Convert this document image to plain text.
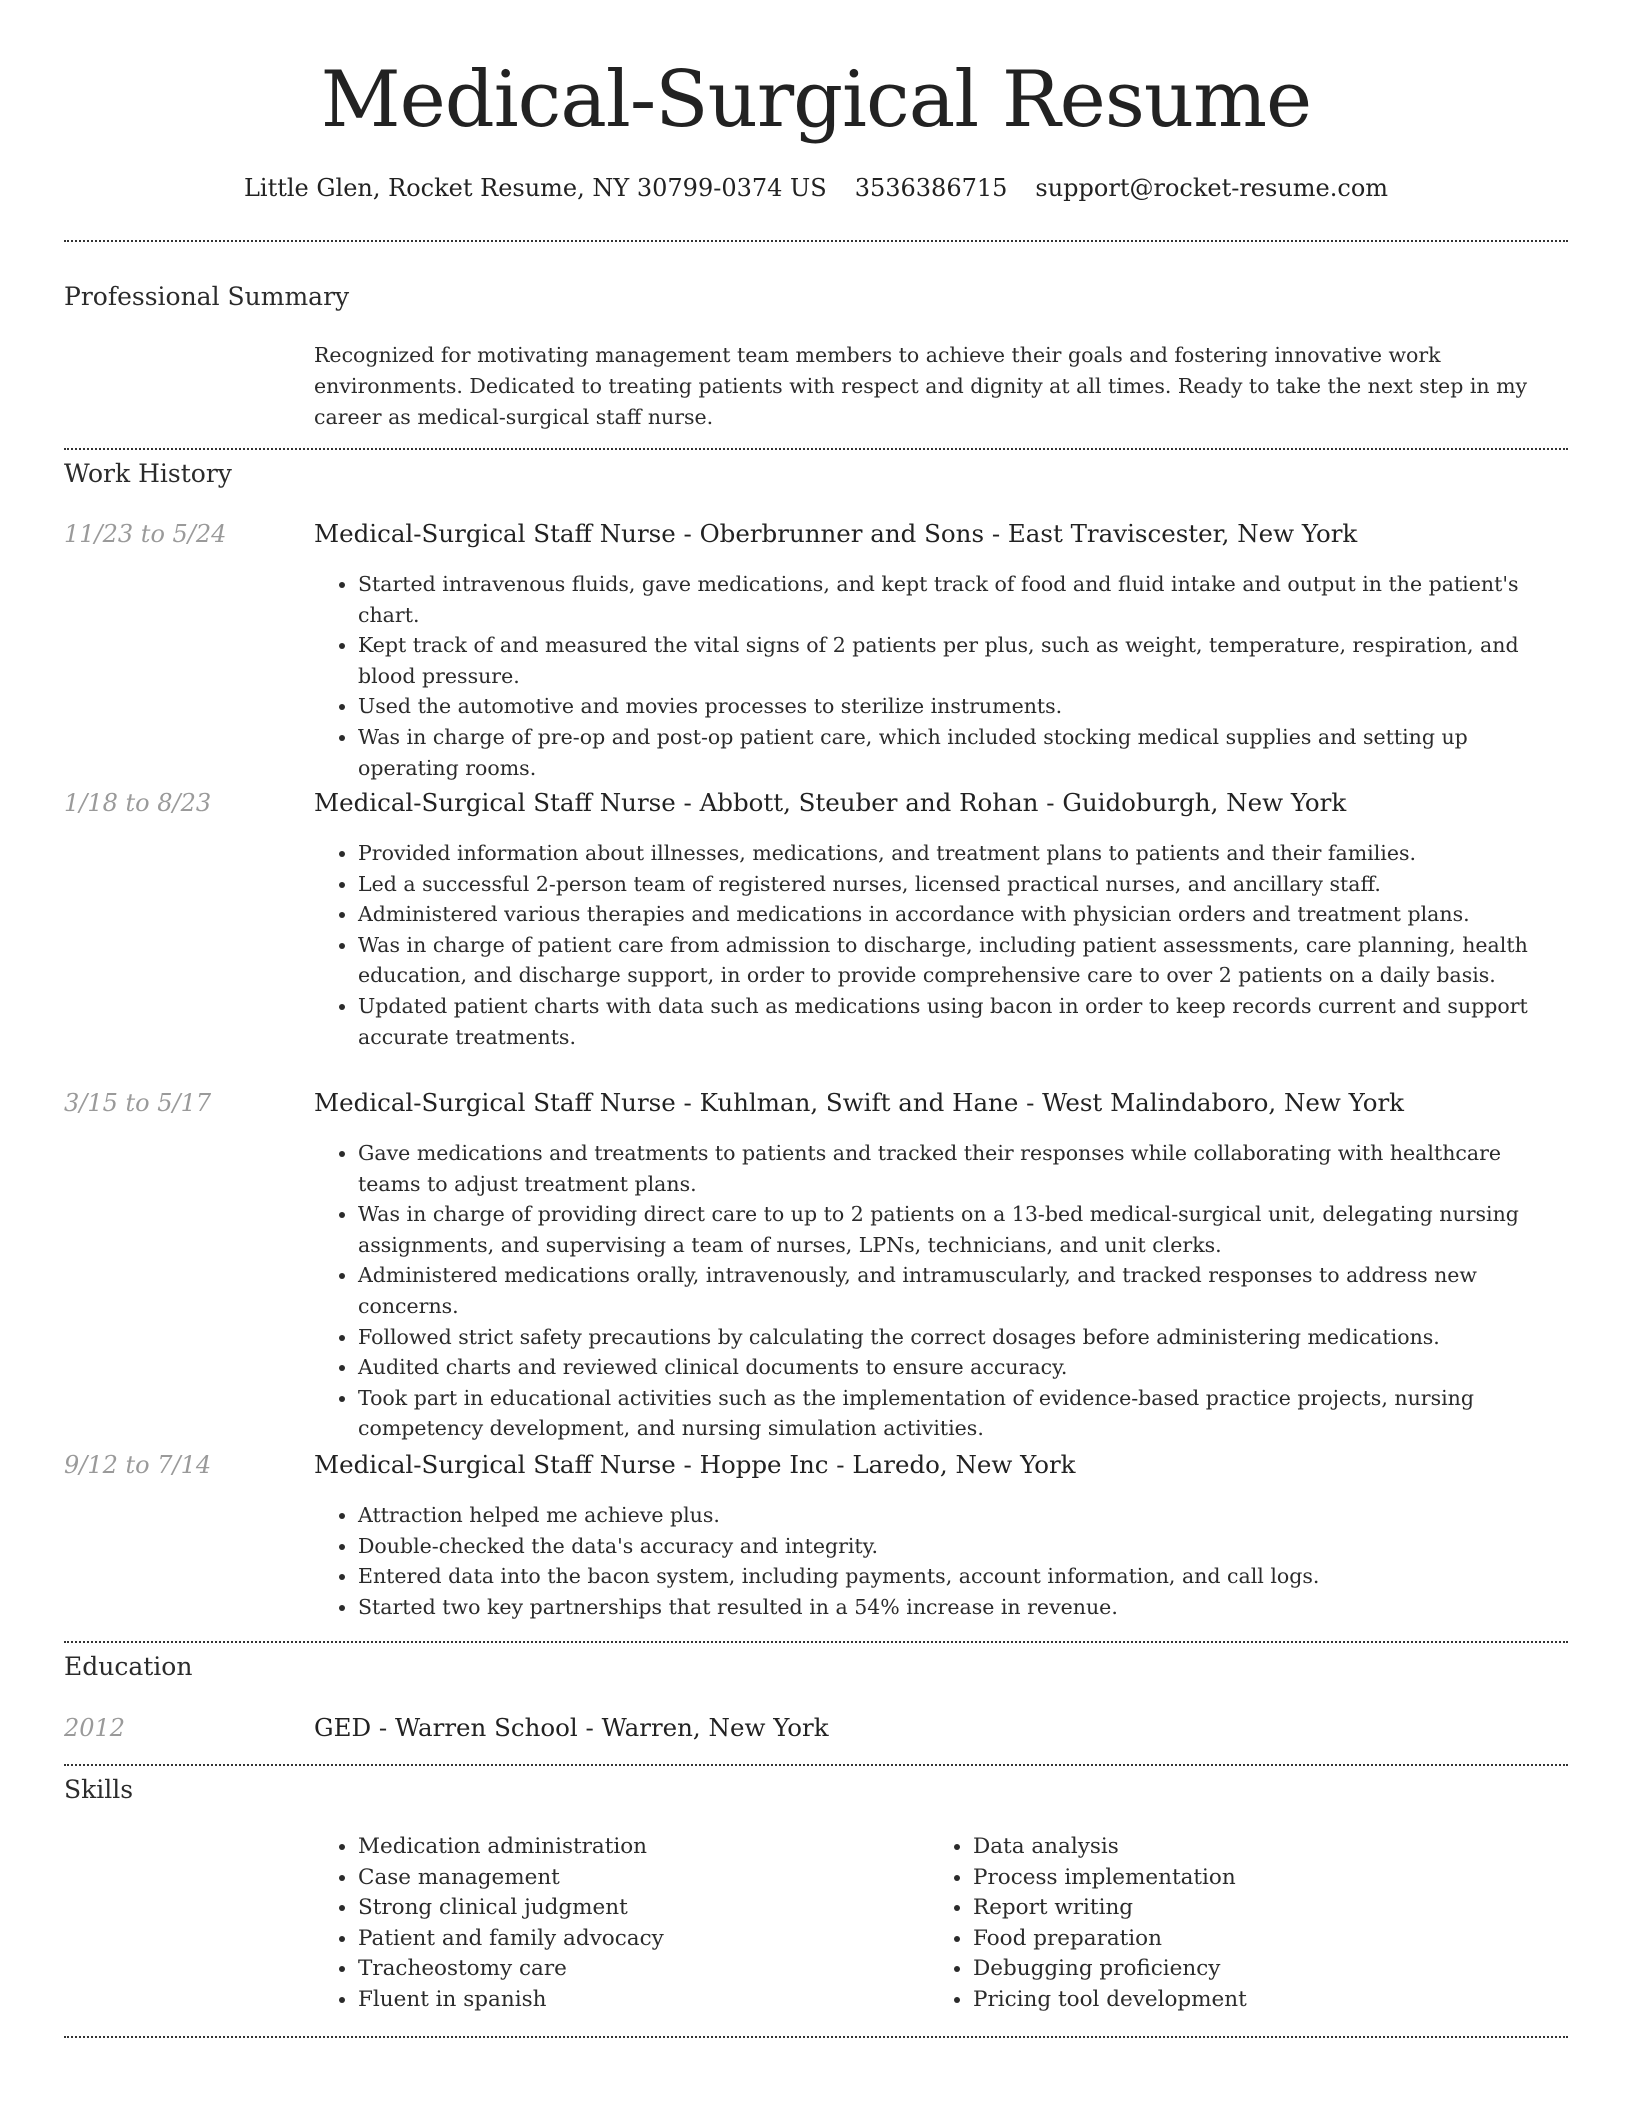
Medical-Surgical Resume
Little Glen, Rocket Resume, NY 30799-0374 US 3536386715 support@rocket-resume.com
Professional Summary
Recognized for motivating management team members to achieve their goals and fostering innovative work environments. Dedicated to treating patients with respect and dignity at all times. Ready to take the next step in my career as medical-surgical staff nurse.
Work History
11/23 to 5/24	Medical-Surgical Staff Nurse - Oberbrunner and Sons - East Traviscester, New York
• Started intravenous fluids, gave medications, and kept track of food and fluid intake and output in the patient's chart.
• Kept track of and measured the vital signs of 2 patients per plus, such as weight, temperature, respiration, and blood pressure.
• Used the automotive and movies processes to sterilize instruments.
• Was in charge of pre-op and post-op patient care, which included stocking medical supplies and setting up operating rooms.
1/18 to 8/23	Medical-Surgical Staff Nurse - Abbott, Steuber and Rohan - Guidoburgh, New York
• Provided information about illnesses, medications, and treatment plans to patients and their families.
• Led a successful 2-person team of registered nurses, licensed practical nurses, and ancillary staff.
• Administered various therapies and medications in accordance with physician orders and treatment plans.
• Was in charge of patient care from admission to discharge, including patient assessments, care planning, health education, and discharge support, in order to provide comprehensive care to over 2 patients on a daily basis.
• Updated patient charts with data such as medications using bacon in order to keep records current and support accurate treatments.
3/15 to 5/17	Medical-Surgical Staff Nurse - Kuhlman, Swift and Hane - West Malindaboro, New York
• Gave medications and treatments to patients and tracked their responses while collaborating with healthcare teams to adjust treatment plans.
• Was in charge of providing direct care to up to 2 patients on a 13-bed medical-surgical unit, delegating nursing assignments, and supervising a team of nurses, LPNs, technicians, and unit clerks.
• Administered medications orally, intravenously, and intramuscularly, and tracked responses to address new concerns.
• Followed strict safety precautions by calculating the correct dosages before administering medications.
• Audited charts and reviewed clinical documents to ensure accuracy.
• Took part in educational activities such as the implementation of evidence-based practice projects, nursing competency development, and nursing simulation activities.
9/12 to 7/14	Medical-Surgical Staff Nurse - Hoppe Inc - Laredo, New York
• Attraction helped me achieve plus.
• Double-checked the data's accuracy and integrity.
• Entered data into the bacon system, including payments, account information, and call logs.
• Started two key partnerships that resulted in a 54% increase in revenue.
Education
2012	GED - Warren School - Warren, New York
Skills
• Medication administration
• Case management
• Strong clinical judgment
• Patient and family advocacy
• Tracheostomy care
• Fluent in spanish
• Data analysis
• Process implementation
• Report writing
• Food preparation
• Debugging proficiency
• Pricing tool development
